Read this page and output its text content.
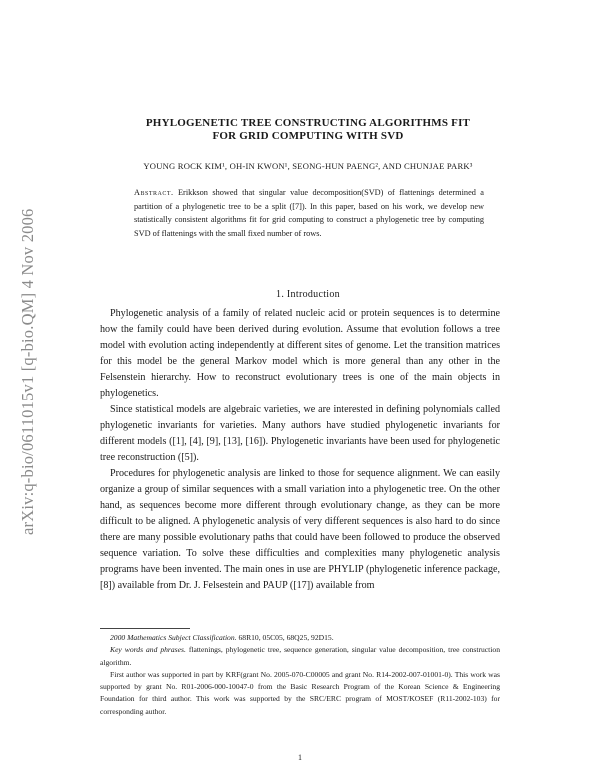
arXiv:q-bio/0611015v1 [q-bio.QM] 4 Nov 2006
PHYLOGENETIC TREE CONSTRUCTING ALGORITHMS FIT
FOR GRID COMPUTING WITH SVD
YOUNG ROCK KIM¹, OH-IN KWON¹, SEONG-HUN PAENG², AND CHUNJAE PARK³
Abstract. Erikkson showed that singular value decomposition(SVD) of flattenings determined a partition of a phylogenetic tree to be a split ([7]). In this paper, based on his work, we develop new statistically consistent algorithms fit for grid computing to construct a phylogenetic tree by computing SVD of flattenings with the small fixed number of rows.
1. Introduction

Phylogenetic analysis of a family of related nucleic acid or protein sequences is to determine how the family could have been derived during evolution. Assume that evolution follows a tree model with evolution acting independently at different sites of genome. Let the transition matrices for this model be the general Markov model which is more general than any other in the Felsenstein hierarchy. How to reconstruct evolutionary trees is one of the main objects in phylogenetics.

Since statistical models are algebraic varieties, we are interested in defining polynomials called phylogenetic invariants for varieties. Many authors have studied phylogenetic invariants for different models ([1], [4], [9], [13], [16]). Phylogenetic invariants have been used for phylogenetic tree reconstruction ([5]).

Procedures for phylogenetic analysis are linked to those for sequence alignment. We can easily organize a group of similar sequences with a small variation into a phylogenetic tree. On the other hand, as sequences become more different through evolutionary change, as they can be more difficult to be aligned. A phylogenetic analysis of very different sequences is also hard to do since there are many possible evolutionary paths that could have been followed to produce the observed sequence variation. To solve these difficulties and complexities many phylogenetic analysis programs have been invented. The main ones in use are PHYLIP (phylogenetic inference package, [8]) available from Dr. J. Felsestein and PAUP ([17]) available from

2000 Mathematics Subject Classification. 68R10, 05C05, 68Q25, 92D15.

Key words and phrases. flattenings, phylogenetic tree, sequence generation, singular value decomposition, tree construction algorithm.

First author was supported in part by KRF(grant No. 2005-070-C00005 and grant No. R14-2002-007-01001-0). This work was supported by grant No. R01-2006-000-10047-0 from the Basic Research Program of the Korean Science & Engineering Foundation for third author. This work was supported by the SRC/ERC program of MOST/KOSEF (R11-2002-103) for corresponding author.

1
